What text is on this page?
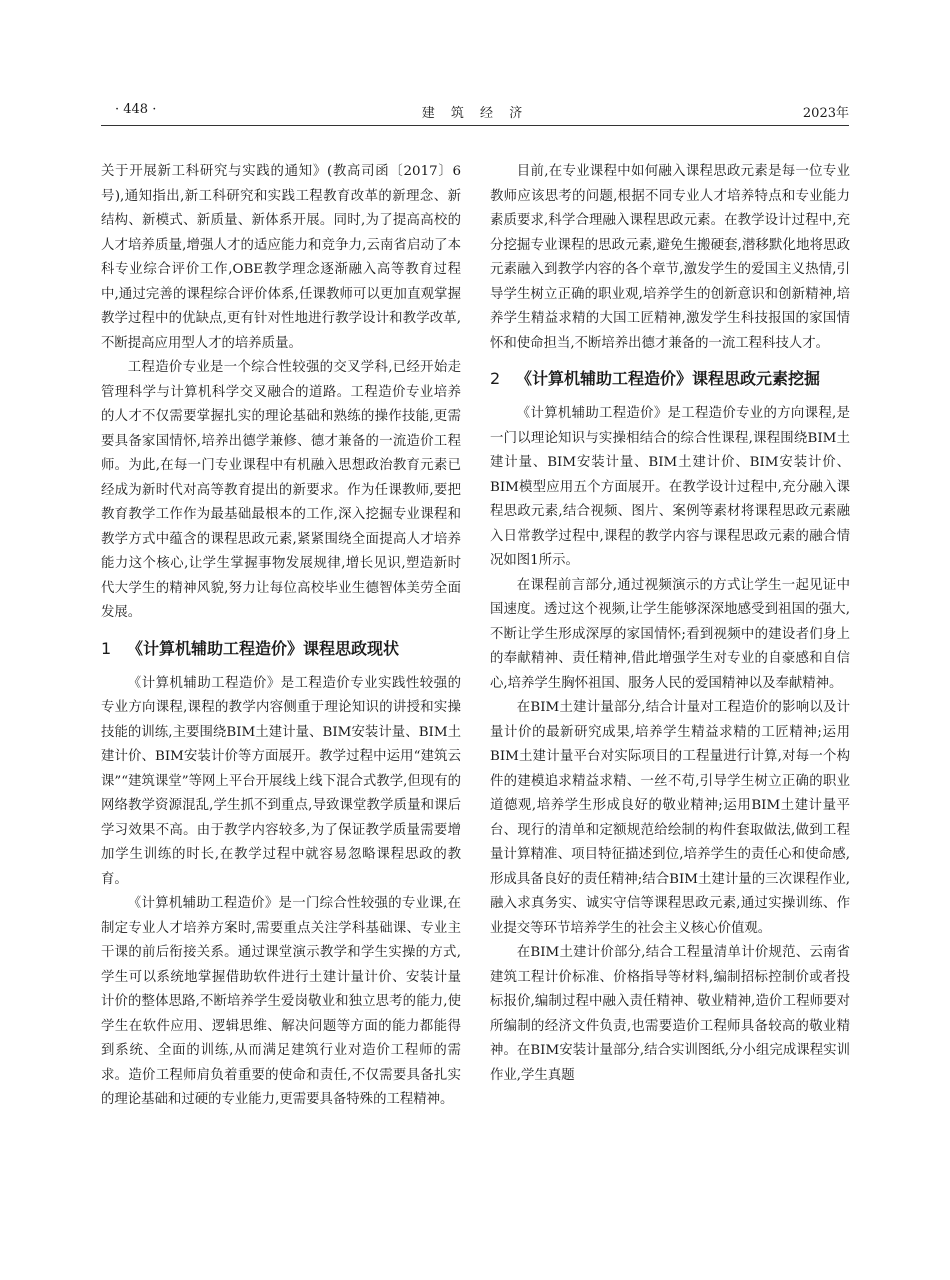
· 448 ·	建 筑 经 济	2023年

关于开展新工科研究与实践的通知》(教高司函〔2017〕6号),通知指出,新工科研究和实践工程教育改革的新理念、新结构、新模式、新质量、新体系开展。同时,为了提高高校的人才培养质量,增强人才的适应能力和竞争力,云南省启动了本科专业综合评价工作,OBE教学理念逐渐融入高等教育过程中,通过完善的课程综合评价体系,任课教师可以更加直观掌握教学过程中的优缺点,更有针对性地进行教学设计和教学改革,不断提高应用型人才的培养质量。

工程造价专业是一个综合性较强的交叉学科,已经开始走管理科学与计算机科学交叉融合的道路。工程造价专业培养的人才不仅需要掌握扎实的理论基础和熟练的操作技能,更需要具备家国情怀,培养出德学兼修、德才兼备的一流造价工程师。为此,在每一门专业课程中有机融入思想政治教育元素已经成为新时代对高等教育提出的新要求。作为任课教师,要把教育教学工作作为最基础最根本的工作,深入挖掘专业课程和教学方式中蕴含的课程思政元素,紧紧围绕全面提高人才培养能力这个核心,让学生掌握事物发展规律,增长见识,塑造新时代大学生的精神风貌,努力让每位高校毕业生德智体美劳全面发展。

1 《计算机辅助工程造价》课程思政现状

《计算机辅助工程造价》是工程造价专业实践性较强的专业方向课程,课程的教学内容侧重于理论知识的讲授和实操技能的训练,主要围绕BIM土建计量、BIM安装计量、BIM土建计价、BIM安装计价等方面展开。教学过程中运用“建筑云课”“建筑课堂”等网上平台开展线上线下混合式教学,但现有的网络教学资源混乱,学生抓不到重点,导致课堂教学质量和课后学习效果不高。由于教学内容较多,为了保证教学质量需要增加学生训练的时长,在教学过程中就容易忽略课程思政的教育。

《计算机辅助工程造价》是一门综合性较强的专业课,在制定专业人才培养方案时,需要重点关注学科基础课、专业主干课的前后衔接关系。通过课堂演示教学和学生实操的方式,学生可以系统地掌握借助软件进行土建计量计价、安装计量计价的整体思路,不断培养学生爱岗敬业和独立思考的能力,使学生在软件应用、逻辑思维、解决问题等方面的能力都能得到系统、全面的训练,从而满足建筑行业对造价工程师的需求。造价工程师肩负着重要的使命和责任,不仅需要具备扎实的理论基础和过硬的专业能力,更需要具备特殊的工程精神。

目前,在专业课程中如何融入课程思政元素是每一位专业教师应该思考的问题,根据不同专业人才培养特点和专业能力素质要求,科学合理融入课程思政元素。在教学设计过程中,充分挖掘专业课程的思政元素,避免生搬硬套,潜移默化地将思政元素融入到教学内容的各个章节,激发学生的爱国主义热情,引导学生树立正确的职业观,培养学生的创新意识和创新精神,培养学生精益求精的大国工匠精神,激发学生科技报国的家国情怀和使命担当,不断培养出德才兼备的一流工程科技人才。

2 《计算机辅助工程造价》课程思政元素挖掘

《计算机辅助工程造价》是工程造价专业的方向课程,是一门以理论知识与实操相结合的综合性课程,课程围绕BIM土建计量、BIM安装计量、BIM土建计价、BIM安装计价、BIM模型应用五个方面展开。在教学设计过程中,充分融入课程思政元素,结合视频、图片、案例等素材将课程思政元素融入日常教学过程中,课程的教学内容与课程思政元素的融合情况如图1所示。

在课程前言部分,通过视频演示的方式让学生一起见证中国速度。透过这个视频,让学生能够深深地感受到祖国的强大,不断让学生形成深厚的家国情怀;看到视频中的建设者们身上的奉献精神、责任精神,借此增强学生对专业的自豪感和自信心,培养学生胸怀祖国、服务人民的爱国精神以及奉献精神。

在BIM土建计量部分,结合计量对工程造价的影响以及计量计价的最新研究成果,培养学生精益求精的工匠精神;运用BIM土建计量平台对实际项目的工程量进行计算,对每一个构件的建模追求精益求精、一丝不苟,引导学生树立正确的职业道德观,培养学生形成良好的敬业精神;运用BIM土建计量平台、现行的清单和定额规范给绘制的构件套取做法,做到工程量计算精准、项目特征描述到位,培养学生的责任心和使命感,形成具备良好的责任精神;结合BIM土建计量的三次课程作业,融入求真务实、诚实守信等课程思政元素,通过实操训练、作业提交等环节培养学生的社会主义核心价值观。

在BIM土建计价部分,结合工程量清单计价规范、云南省建筑工程计价标准、价格指导等材料,编制招标控制价或者投标报价,编制过程中融入责任精神、敬业精神,造价工程师要对所编制的经济文件负责,也需要造价工程师具备较高的敬业精神。在BIM安装计量部分,结合实训图纸,分小组完成课程实训作业,学生真题
